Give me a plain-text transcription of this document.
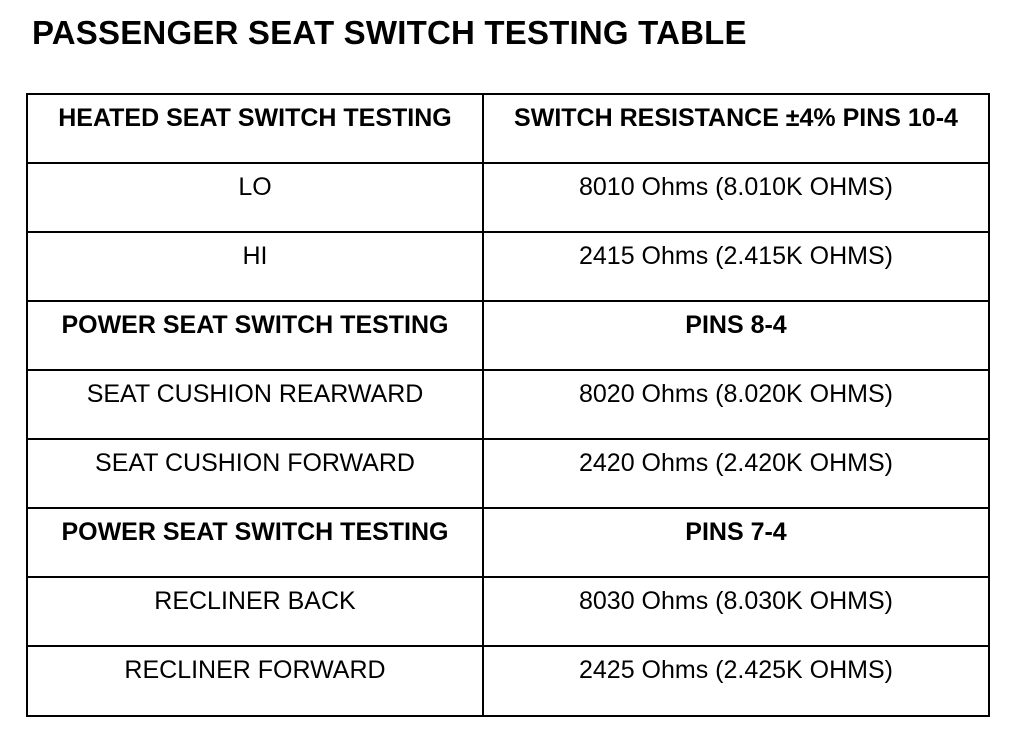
PASSENGER SEAT SWITCH TESTING TABLE
HEATED SEAT SWITCH TESTING	SWITCH RESISTANCE ±4% PINS 10-4

LO	8010 Ohms (8.010K OHMS)

HI	2415 Ohms (2.415K OHMS)

POWER SEAT SWITCH TESTING	PINS 8-4

SEAT CUSHION REARWARD	8020 Ohms (8.020K OHMS)

SEAT CUSHION FORWARD	2420 Ohms (2.420K OHMS)

POWER SEAT SWITCH TESTING	PINS 7-4

RECLINER BACK	8030 Ohms (8.030K OHMS)

RECLINER FORWARD	2425 Ohms (2.425K OHMS)
